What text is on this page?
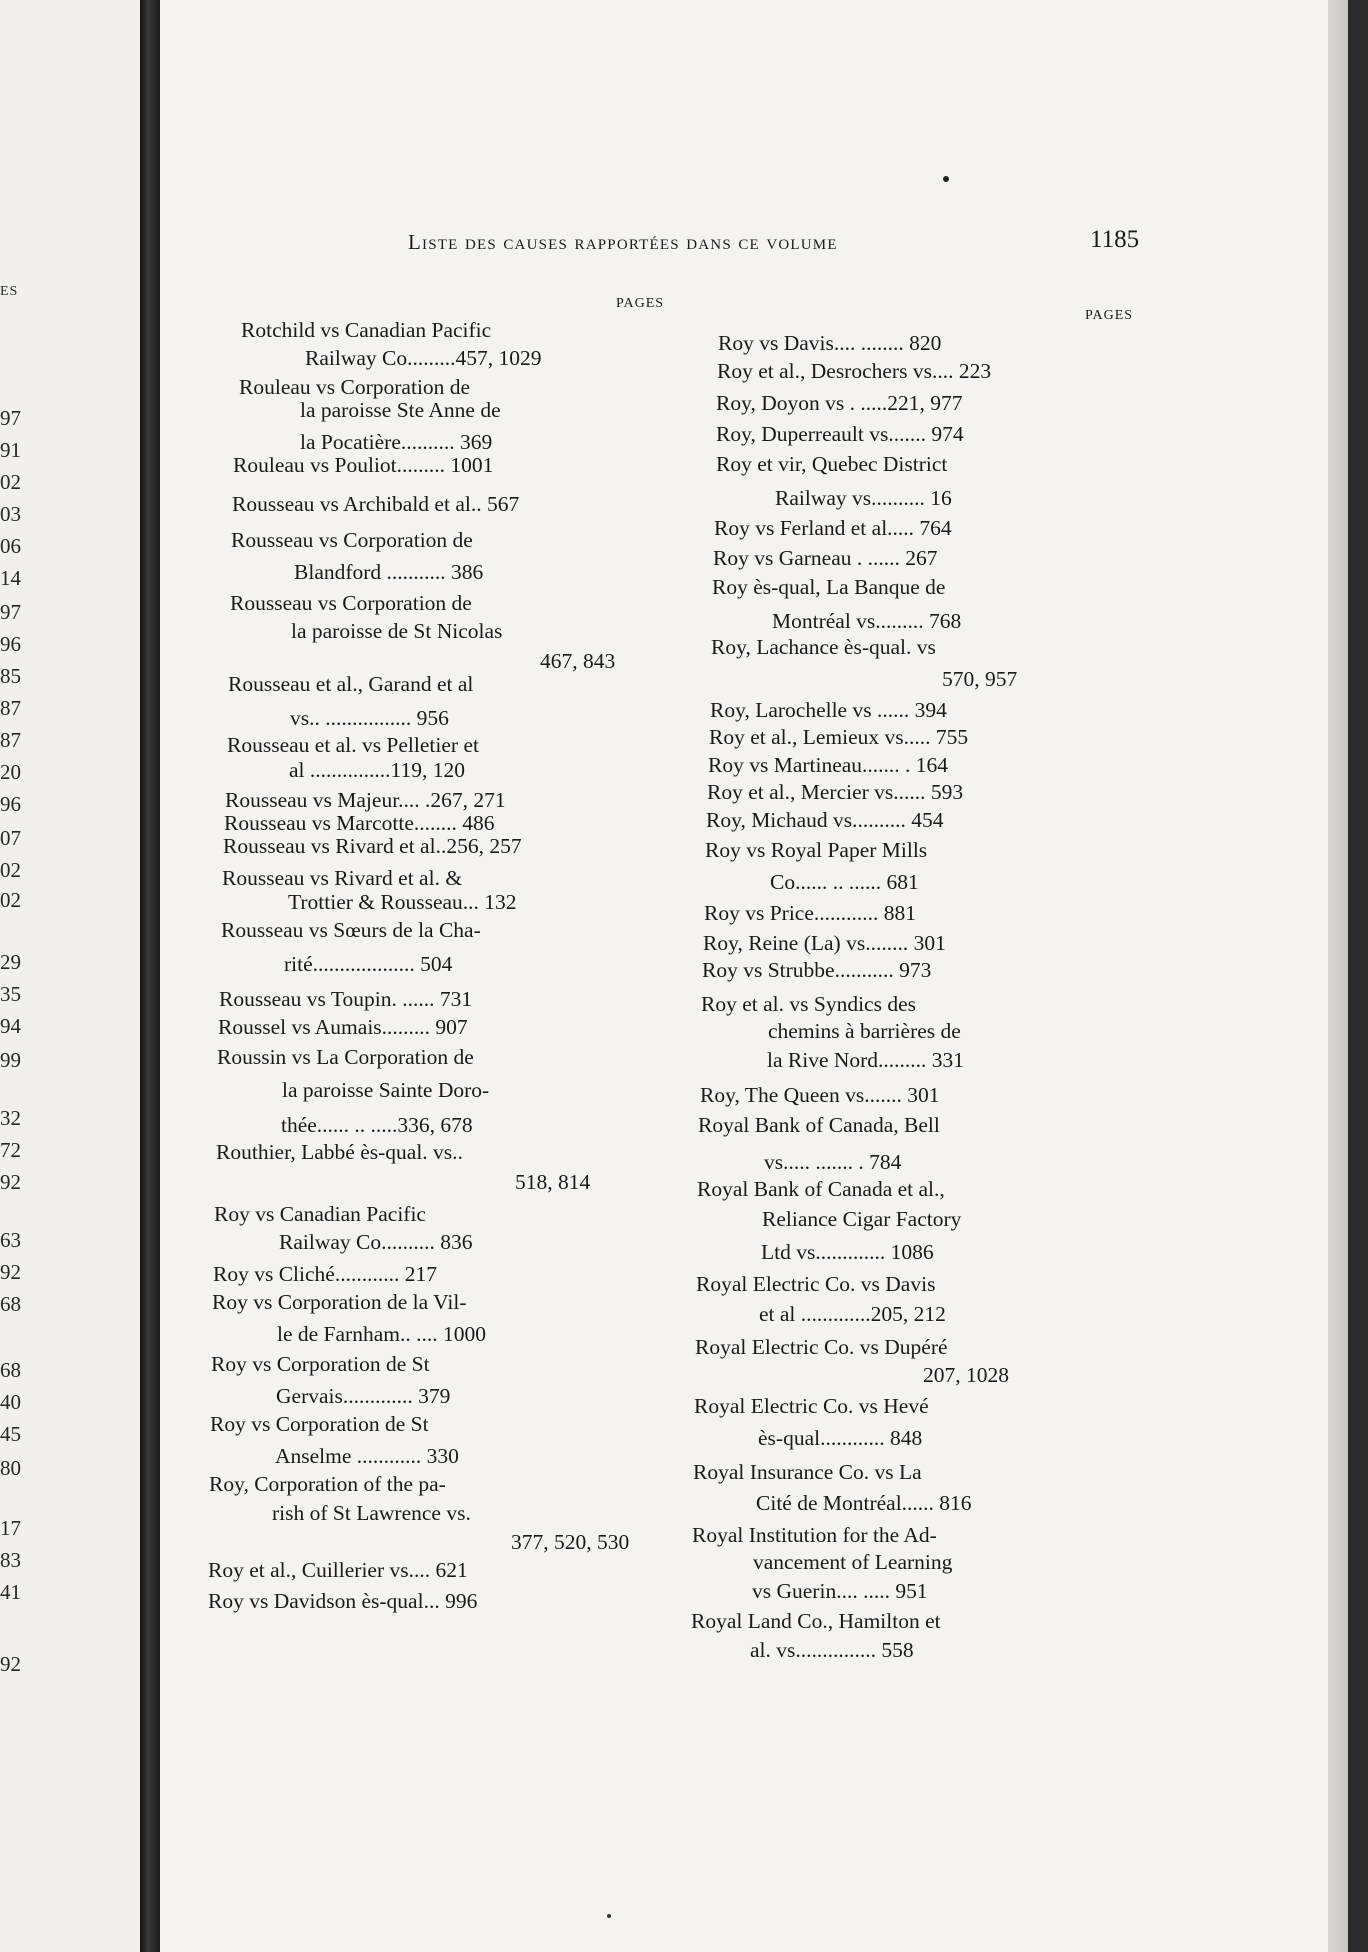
ES
97
91
02
03
06
14
97
96
85
87
87
20
96
07
02
02
29
35
94
99
32
72
92
63
92
68
68
40
45
80
17
83
41
92
Liste des causes rapportées dans ce volume	1185
PAGES
PAGES
Rotchild vs Canadian Pacific
Railway Co.........457, 1029
Rouleau vs Corporation de
la paroisse Ste Anne de
la Pocatière.......... 369
Rouleau vs Pouliot......... 1001
Rousseau vs Archibald et al.. 567
Rousseau vs Corporation de
Blandford ........... 386
Rousseau vs Corporation de
la paroisse de St Nicolas
467, 843
Rousseau et al., Garand et al
vs.. ................ 956
Rousseau et al. vs Pelletier et
al ...............119, 120
Rousseau vs Majeur.... .267, 271
Rousseau vs Marcotte........ 486
Rousseau vs Rivard et al..256, 257
Rousseau vs Rivard et al. &
Trottier & Rousseau... 132
Rousseau vs Sœurs de la Cha-
rité................... 504
Rousseau vs Toupin. ...... 731
Roussel vs Aumais......... 907
Roussin vs La Corporation de
la paroisse Sainte Doro-
thée...... .. .....336, 678
Routhier, Labbé ès-qual. vs..
518, 814
Roy vs Canadian Pacific
Railway Co.......... 836
Roy vs Cliché............ 217
Roy vs Corporation de la Vil-
le de Farnham.. .... 1000
Roy vs Corporation de St
Gervais............. 379
Roy vs Corporation de St
Anselme ............ 330
Roy, Corporation of the pa-
rish of St Lawrence vs.
377, 520, 530
Roy et al., Cuillerier vs.... 621
Roy vs Davidson ès-qual... 996
Roy vs Davis.... ........ 820
Roy et al., Desrochers vs.... 223
Roy, Doyon vs . .....221, 977
Roy, Duperreault vs....... 974
Roy et vir, Quebec District
Railway vs.......... 16
Roy vs Ferland et al..... 764
Roy vs Garneau . ...... 267
Roy ès-qual, La Banque de
Montréal vs......... 768
Roy, Lachance ès-qual. vs
570, 957
Roy, Larochelle vs ...... 394
Roy et al., Lemieux vs..... 755
Roy vs Martineau....... . 164
Roy et al., Mercier vs...... 593
Roy, Michaud vs.......... 454
Roy vs Royal Paper Mills
Co...... .. ...... 681
Roy vs Price............ 881
Roy, Reine (La) vs........ 301
Roy vs Strubbe........... 973
Roy et al. vs Syndics des
chemins à barrières de
la Rive Nord......... 331
Roy, The Queen vs....... 301
Royal Bank of Canada, Bell
vs..... ....... . 784
Royal Bank of Canada et al.,
Reliance Cigar Factory
Ltd vs............. 1086
Royal Electric Co. vs Davis
et al .............205, 212
Royal Electric Co. vs Dupéré
207, 1028
Royal Electric Co. vs Hevé
ès-qual............ 848
Royal Insurance Co. vs La
Cité de Montréal...... 816
Royal Institution for the Ad-
vancement of Learning
vs Guerin.... ..... 951
Royal Land Co., Hamilton et
al. vs............... 558
